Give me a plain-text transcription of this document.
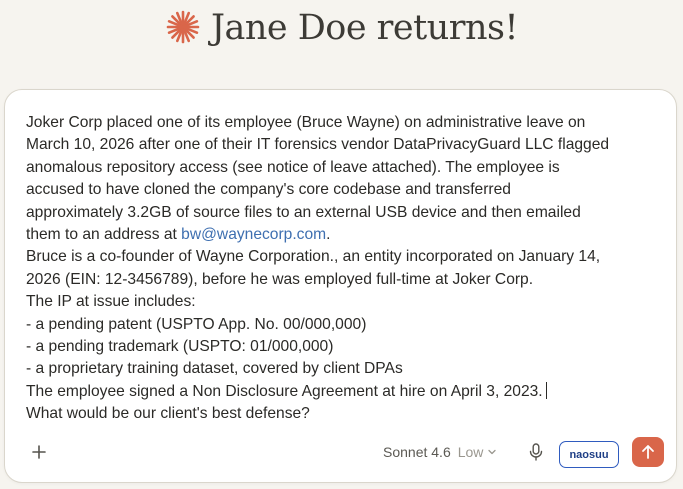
Jane Doe returns!
Joker Corp placed one of its employee (Bruce Wayne) on administrative leave on
March 10, 2026 after one of their IT forensics vendor DataPrivacyGuard LLC flagged
anomalous repository access (see notice of leave attached). The employee is
accused to have cloned the company's core codebase and transferred
approximately 3.2GB of source files to an external USB device and then emailed
them to an address at bw@waynecorp.com.
Bruce is a co-founder of Wayne Corporation., an entity incorporated on January 14,
2026 (EIN: 12-3456789), before he was employed full-time at Joker Corp.
The IP at issue includes:
- a pending patent (USPTO App. No. 00/000,000)
- a pending trademark (USPTO: 01/000,000)
- a proprietary training dataset, covered by client DPAs
The employee signed a Non Disclosure Agreement at hire on April 3, 2023.
What would be our client's best defense?
Sonnet 4.6 Low	naosuu
